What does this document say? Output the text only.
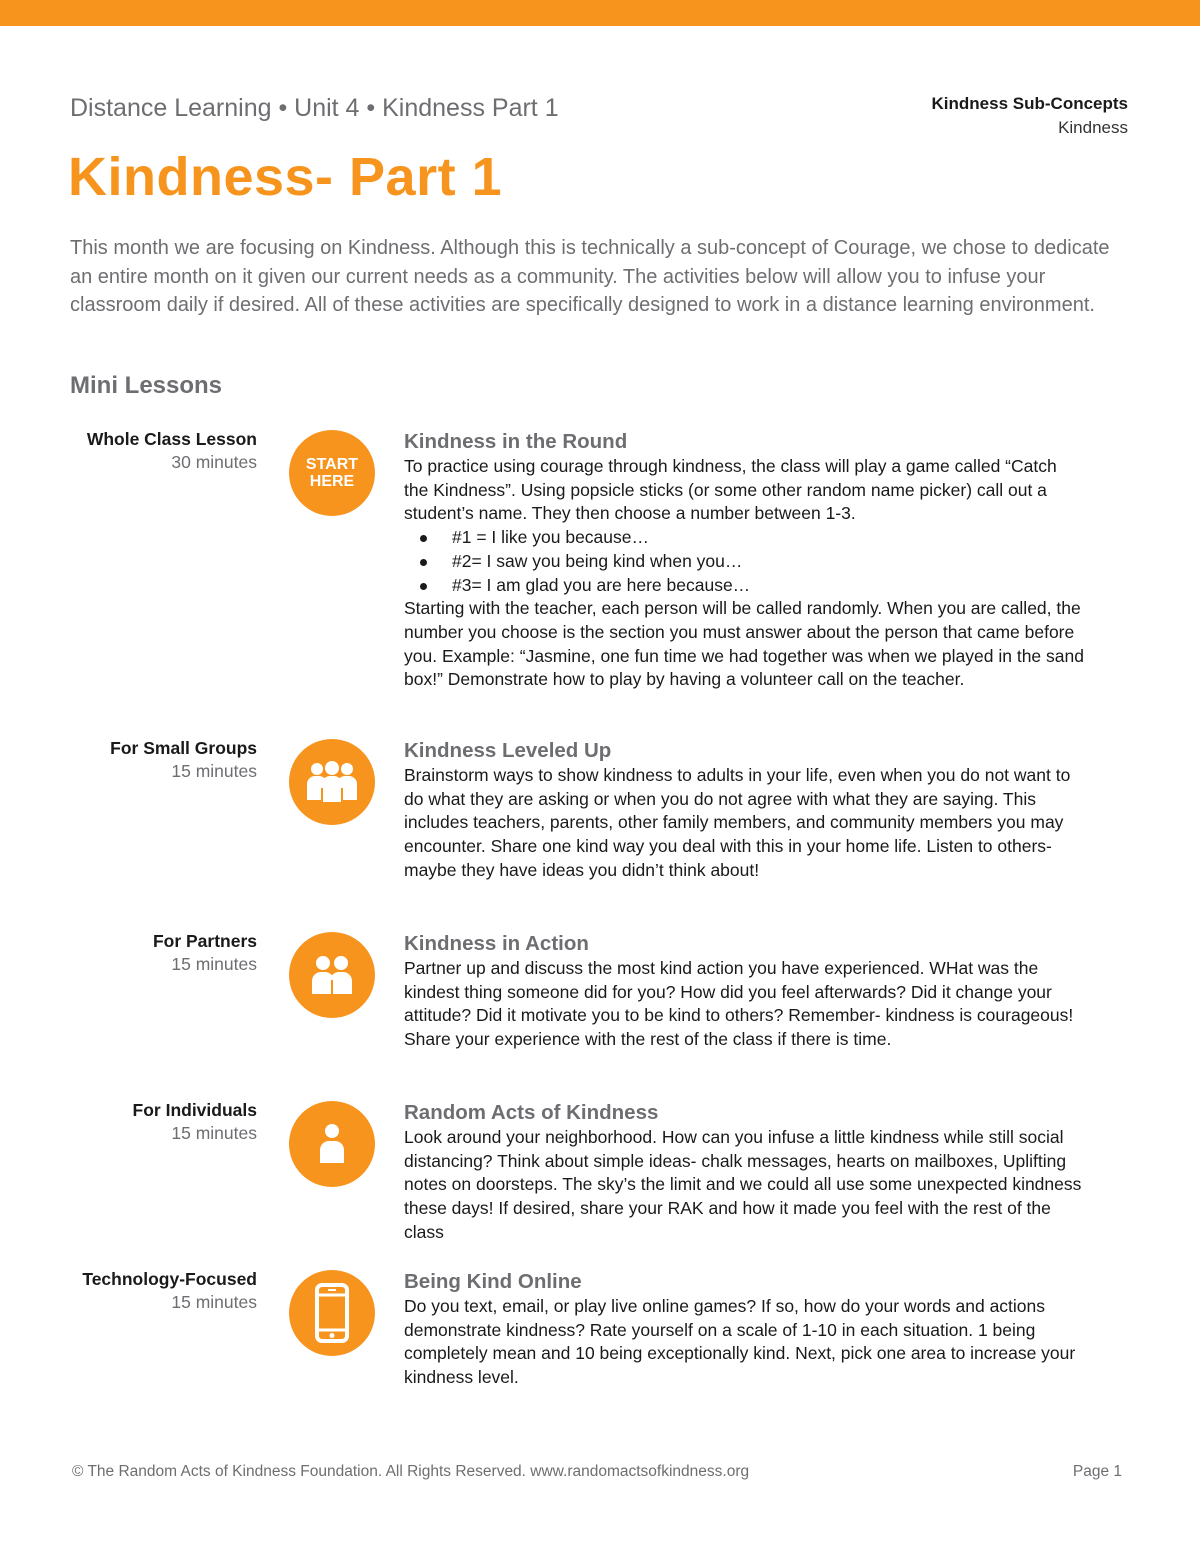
Distance Learning • Unit 4 • Kindness Part 1	Kindness Sub-Concepts
Kindness
Kindness- Part 1

This month we are focusing on Kindness. Although this is technically a sub-concept of Courage, we chose to dedicate an entire month on it given our current needs as a community. The activities below will allow you to infuse your classroom daily if desired. All of these activities are specifically designed to work in a distance learning environment.

Mini Lessons
Whole Class Lesson
30 minutes	START
HERE
Kindness in the Round

To practice using courage through kindness, the class will play a game called “Catch the Kindness”. Using popsicle sticks (or some other random name picker) call out a student’s name. They then choose a number between 1-3.

#1 = I like you because…
#2= I saw you being kind when you…
#3= I am glad you are here because…

Starting with the teacher, each person will be called randomly. When you are called, the number you choose is the section you must answer about the person that came before you. Example: “Jasmine, one fun time we had together was when we played in the sand box!” Demonstrate how to play by having a volunteer call on the teacher.

For Small Groups
15 minutes
Kindness Leveled Up

Brainstorm ways to show kindness to adults in your life, even when you do not want to do what they are asking or when you do not agree with what they are saying. This includes teachers, parents, other family members, and community members you may encounter. Share one kind way you deal with this in your home life. Listen to others- maybe they have ideas you didn’t think about!

For Partners
15 minutes
Kindness in Action

Partner up and discuss the most kind action you have experienced. WHat was the kindest thing someone did for you? How did you feel afterwards? Did it change your attitude? Did it motivate you to be kind to others? Remember- kindness is courageous! Share your experience with the rest of the class if there is time.

For Individuals
15 minutes
Random Acts of Kindness

Look around your neighborhood. How can you infuse a little kindness while still social distancing? Think about simple ideas- chalk messages, hearts on mailboxes, Uplifting notes on doorsteps. The sky’s the limit and we could all use some unexpected kindness these days! If desired, share your RAK and how it made you feel with the rest of the class

Technology-Focused
15 minutes
Being Kind Online

Do you text, email, or play live online games? If so, how do your words and actions demonstrate kindness? Rate yourself on a scale of 1-10 in each situation. 1 being completely mean and 10 being exceptionally kind. Next, pick one area to increase your kindness level.

© The Random Acts of Kindness Foundation. All Rights Reserved. www.randomactsofkindness.org	Page 1
